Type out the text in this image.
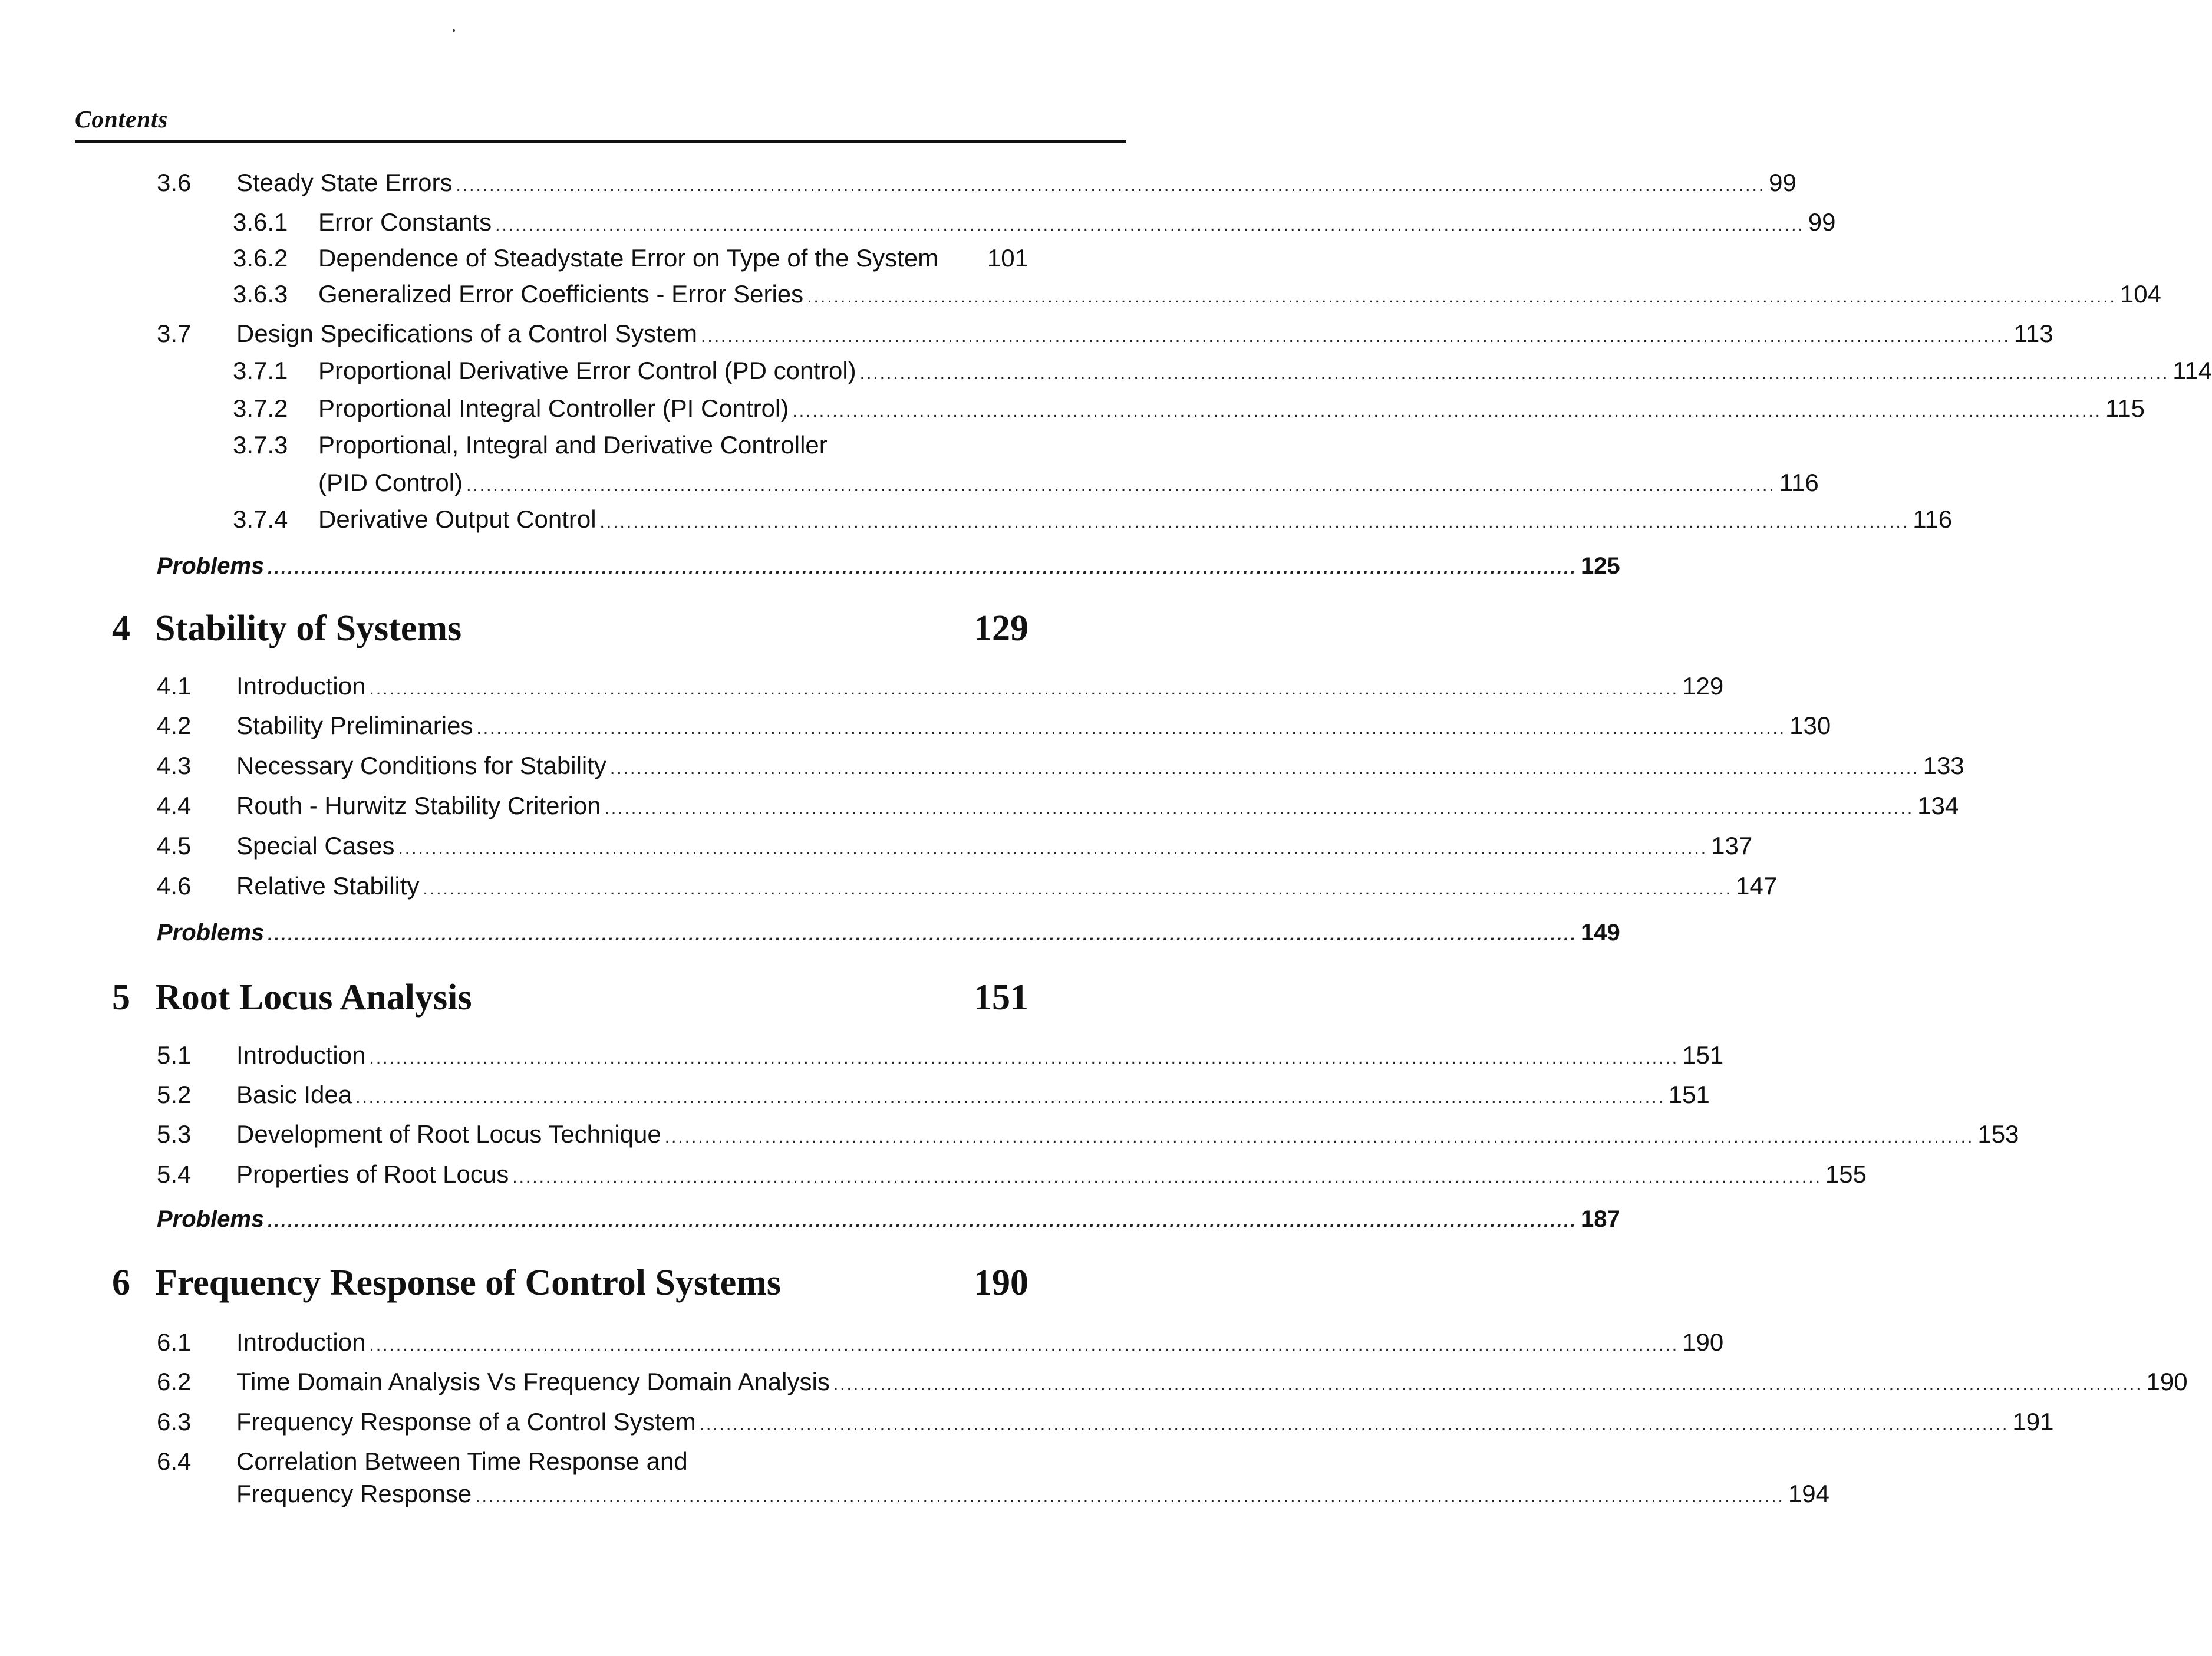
Contents
3.6	Steady State Errors .................................................................................................................................................................................................... 99
3.6.1	Error Constants .................................................................................................................................................................................................... 99
3.6.2	Dependence of Steadystate Error on Type of the System 101
3.6.3	Generalized Error Coefficients - Error Series .................................................................................................................................................................................................... 104
3.7	Design Specifications of a Control System .................................................................................................................................................................................................... 113
3.7.1	Proportional Derivative Error Control (PD control) .................................................................................................................................................................................................... 114
3.7.2	Proportional Integral Controller (PI Control) .................................................................................................................................................................................................... 115
3.7.3	Proportional, Integral and Derivative Controller
(PID Control) .................................................................................................................................................................................................... 116
3.7.4	Derivative Output Control .................................................................................................................................................................................................... 116
Problems .................................................................................................................................................................................................... 125
4 Stability of Systems	129
4.1	Introduction .................................................................................................................................................................................................... 129
4.2	Stability Preliminaries .................................................................................................................................................................................................... 130
4.3	Necessary Conditions for Stability .................................................................................................................................................................................................... 133
4.4	Routh - Hurwitz Stability Criterion .................................................................................................................................................................................................... 134
4.5	Special Cases .................................................................................................................................................................................................... 137
4.6	Relative Stability .................................................................................................................................................................................................... 147
Problems .................................................................................................................................................................................................... 149
5 Root Locus Analysis	151
5.1	Introduction .................................................................................................................................................................................................... 151
5.2	Basic Idea .................................................................................................................................................................................................... 151
5.3	Development of Root Locus Technique .................................................................................................................................................................................................... 153
5.4	Properties of Root Locus .................................................................................................................................................................................................... 155
Problems .................................................................................................................................................................................................... 187
6 Frequency Response of Control Systems	190
6.1	Introduction .................................................................................................................................................................................................... 190
6.2	Time Domain Analysis Vs Frequency Domain Analysis .................................................................................................................................................................................................... 190
6.3	Frequency Response of a Control System .................................................................................................................................................................................................... 191
6.4	Correlation Between Time Response and
Frequency Response .................................................................................................................................................................................................... 194
